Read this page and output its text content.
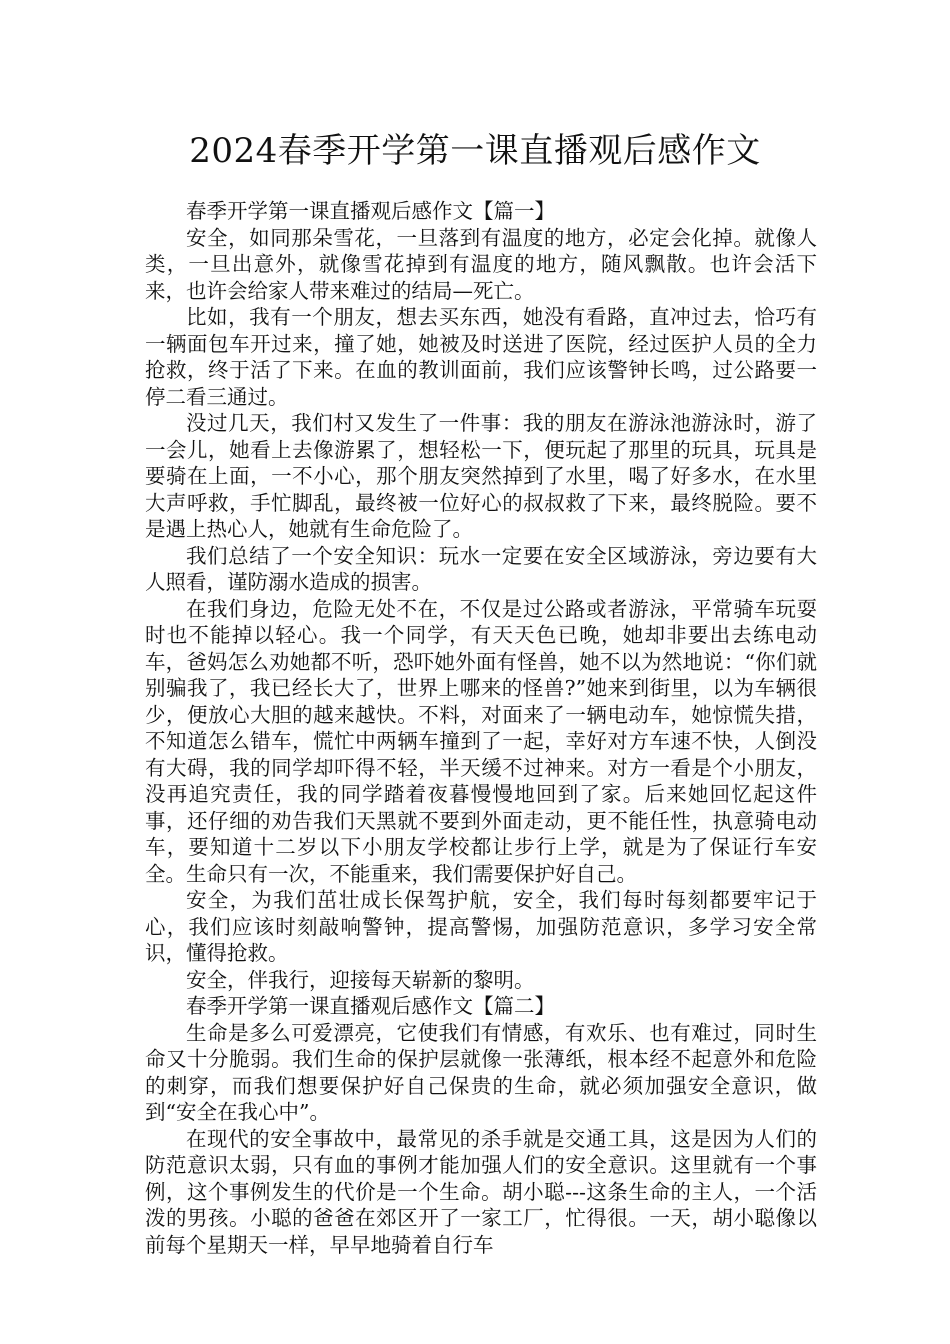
2024春季开学第一课直播观后感作文

春季开学第一课直播观后感作文【篇一】

安全，如同那朵雪花，一旦落到有温度的地方，必定会化掉。就像人类，一旦出意外，就像雪花掉到有温度的地方，随风飘散。也许会活下来，也许会给家人带来难过的结局—死亡。

比如，我有一个朋友，想去买东西，她没有看路，直冲过去，恰巧有一辆面包车开过来，撞了她，她被及时送进了医院，经过医护人员的全力抢救，终于活了下来。在血的教训面前，我们应该警钟长鸣，过公路要一停二看三通过。

没过几天，我们村又发生了一件事：我的朋友在游泳池游泳时，游了一会儿，她看上去像游累了，想轻松一下，便玩起了那里的玩具，玩具是要骑在上面，一不小心，那个朋友突然掉到了水里，喝了好多水，在水里大声呼救，手忙脚乱，最终被一位好心的叔叔救了下来，最终脱险。要不是遇上热心人，她就有生命危险了。

我们总结了一个安全知识：玩水一定要在安全区域游泳，旁边要有大人照看，谨防溺水造成的损害。

在我们身边，危险无处不在，不仅是过公路或者游泳，平常骑车玩耍时也不能掉以轻心。我一个同学，有天天色已晚，她却非要出去练电动车，爸妈怎么劝她都不听，恐吓她外面有怪兽，她不以为然地说：“你们就别骗我了，我已经长大了，世界上哪来的怪兽?”她来到街里，以为车辆很少，便放心大胆的越来越快。不料，对面来了一辆电动车，她惊慌失措，不知道怎么错车，慌忙中两辆车撞到了一起，幸好对方车速不快，人倒没有大碍，我的同学却吓得不轻，半天缓不过神来。对方一看是个小朋友，没再追究责任，我的同学踏着夜暮慢慢地回到了家。后来她回忆起这件事，还仔细的劝告我们天黑就不要到外面走动，更不能任性，执意骑电动车，要知道十二岁以下小朋友学校都让步行上学，就是为了保证行车安全。生命只有一次，不能重来，我们需要保护好自己。

安全，为我们茁壮成长保驾护航，安全，我们每时每刻都要牢记于心，我们应该时刻敲响警钟，提高警惕，加强防范意识，多学习安全常识，懂得抢救。

安全，伴我行，迎接每天崭新的黎明。

春季开学第一课直播观后感作文【篇二】

生命是多么可爱漂亮，它使我们有情感，有欢乐、也有难过，同时生命又十分脆弱。我们生命的保护层就像一张薄纸，根本经不起意外和危险的刺穿，而我们想要保护好自己保贵的生命，就必须加强安全意识，做到“安全在我心中”。

在现代的安全事故中，最常见的杀手就是交通工具，这是因为人们的防范意识太弱，只有血的事例才能加强人们的安全意识。这里就有一个事例，这个事例发生的代价是一个生命。胡小聪---这条生命的主人，一个活泼的男孩。小聪的爸爸在郊区开了一家工厂，忙得很。一天，胡小聪像以前每个星期天一样，早早地骑着自行车
